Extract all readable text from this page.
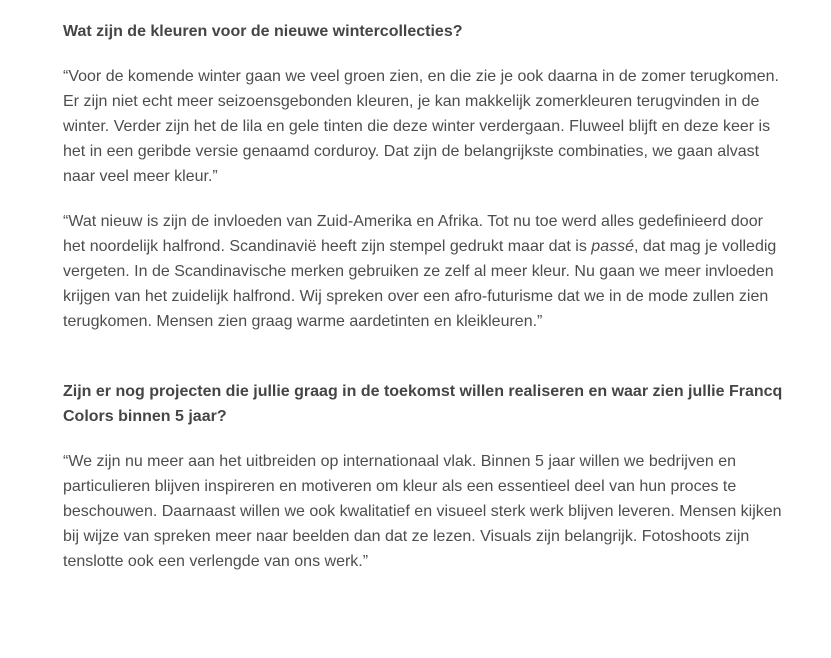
Wat zijn de kleuren voor de nieuwe wintercollecties?

“Voor de komende winter gaan we veel groen zien, en die zie je ook daarna in de zomer terugkomen. Er zijn niet echt meer seizoensgebonden kleuren, je kan makkelijk zomerkleuren terugvinden in de winter. Verder zijn het de lila en gele tinten die deze winter verdergaan. Fluweel blijft en deze keer is het in een geribde versie genaamd corduroy. Dat zijn de belangrijkste combinaties, we gaan alvast naar veel meer kleur.”

“Wat nieuw is zijn de invloeden van Zuid-Amerika en Afrika. Tot nu toe werd alles gedefinieerd door het noordelijk halfrond. Scandinavië heeft zijn stempel gedrukt maar dat is passé, dat mag je volledig vergeten. In de Scandinavische merken gebruiken ze zelf al meer kleur. Nu gaan we meer invloeden krijgen van het zuidelijk halfrond. Wij spreken over een afro-futurisme dat we in de mode zullen zien terugkomen. Mensen zien graag warme aardetinten en kleikleuren.”

Zijn er nog projecten die jullie graag in de toekomst willen realiseren en waar zien jullie Francq Colors binnen 5 jaar?

“We zijn nu meer aan het uitbreiden op internationaal vlak. Binnen 5 jaar willen we bedrijven en particulieren blijven inspireren en motiveren om kleur als een essentieel deel van hun proces te beschouwen. Daarnaast willen we ook kwalitatief en visueel sterk werk blijven leveren. Mensen kijken bij wijze van spreken meer naar beelden dan dat ze lezen. Visuals zijn belangrijk. Fotoshoots zijn tenslotte ook een verlengde van ons werk.”
